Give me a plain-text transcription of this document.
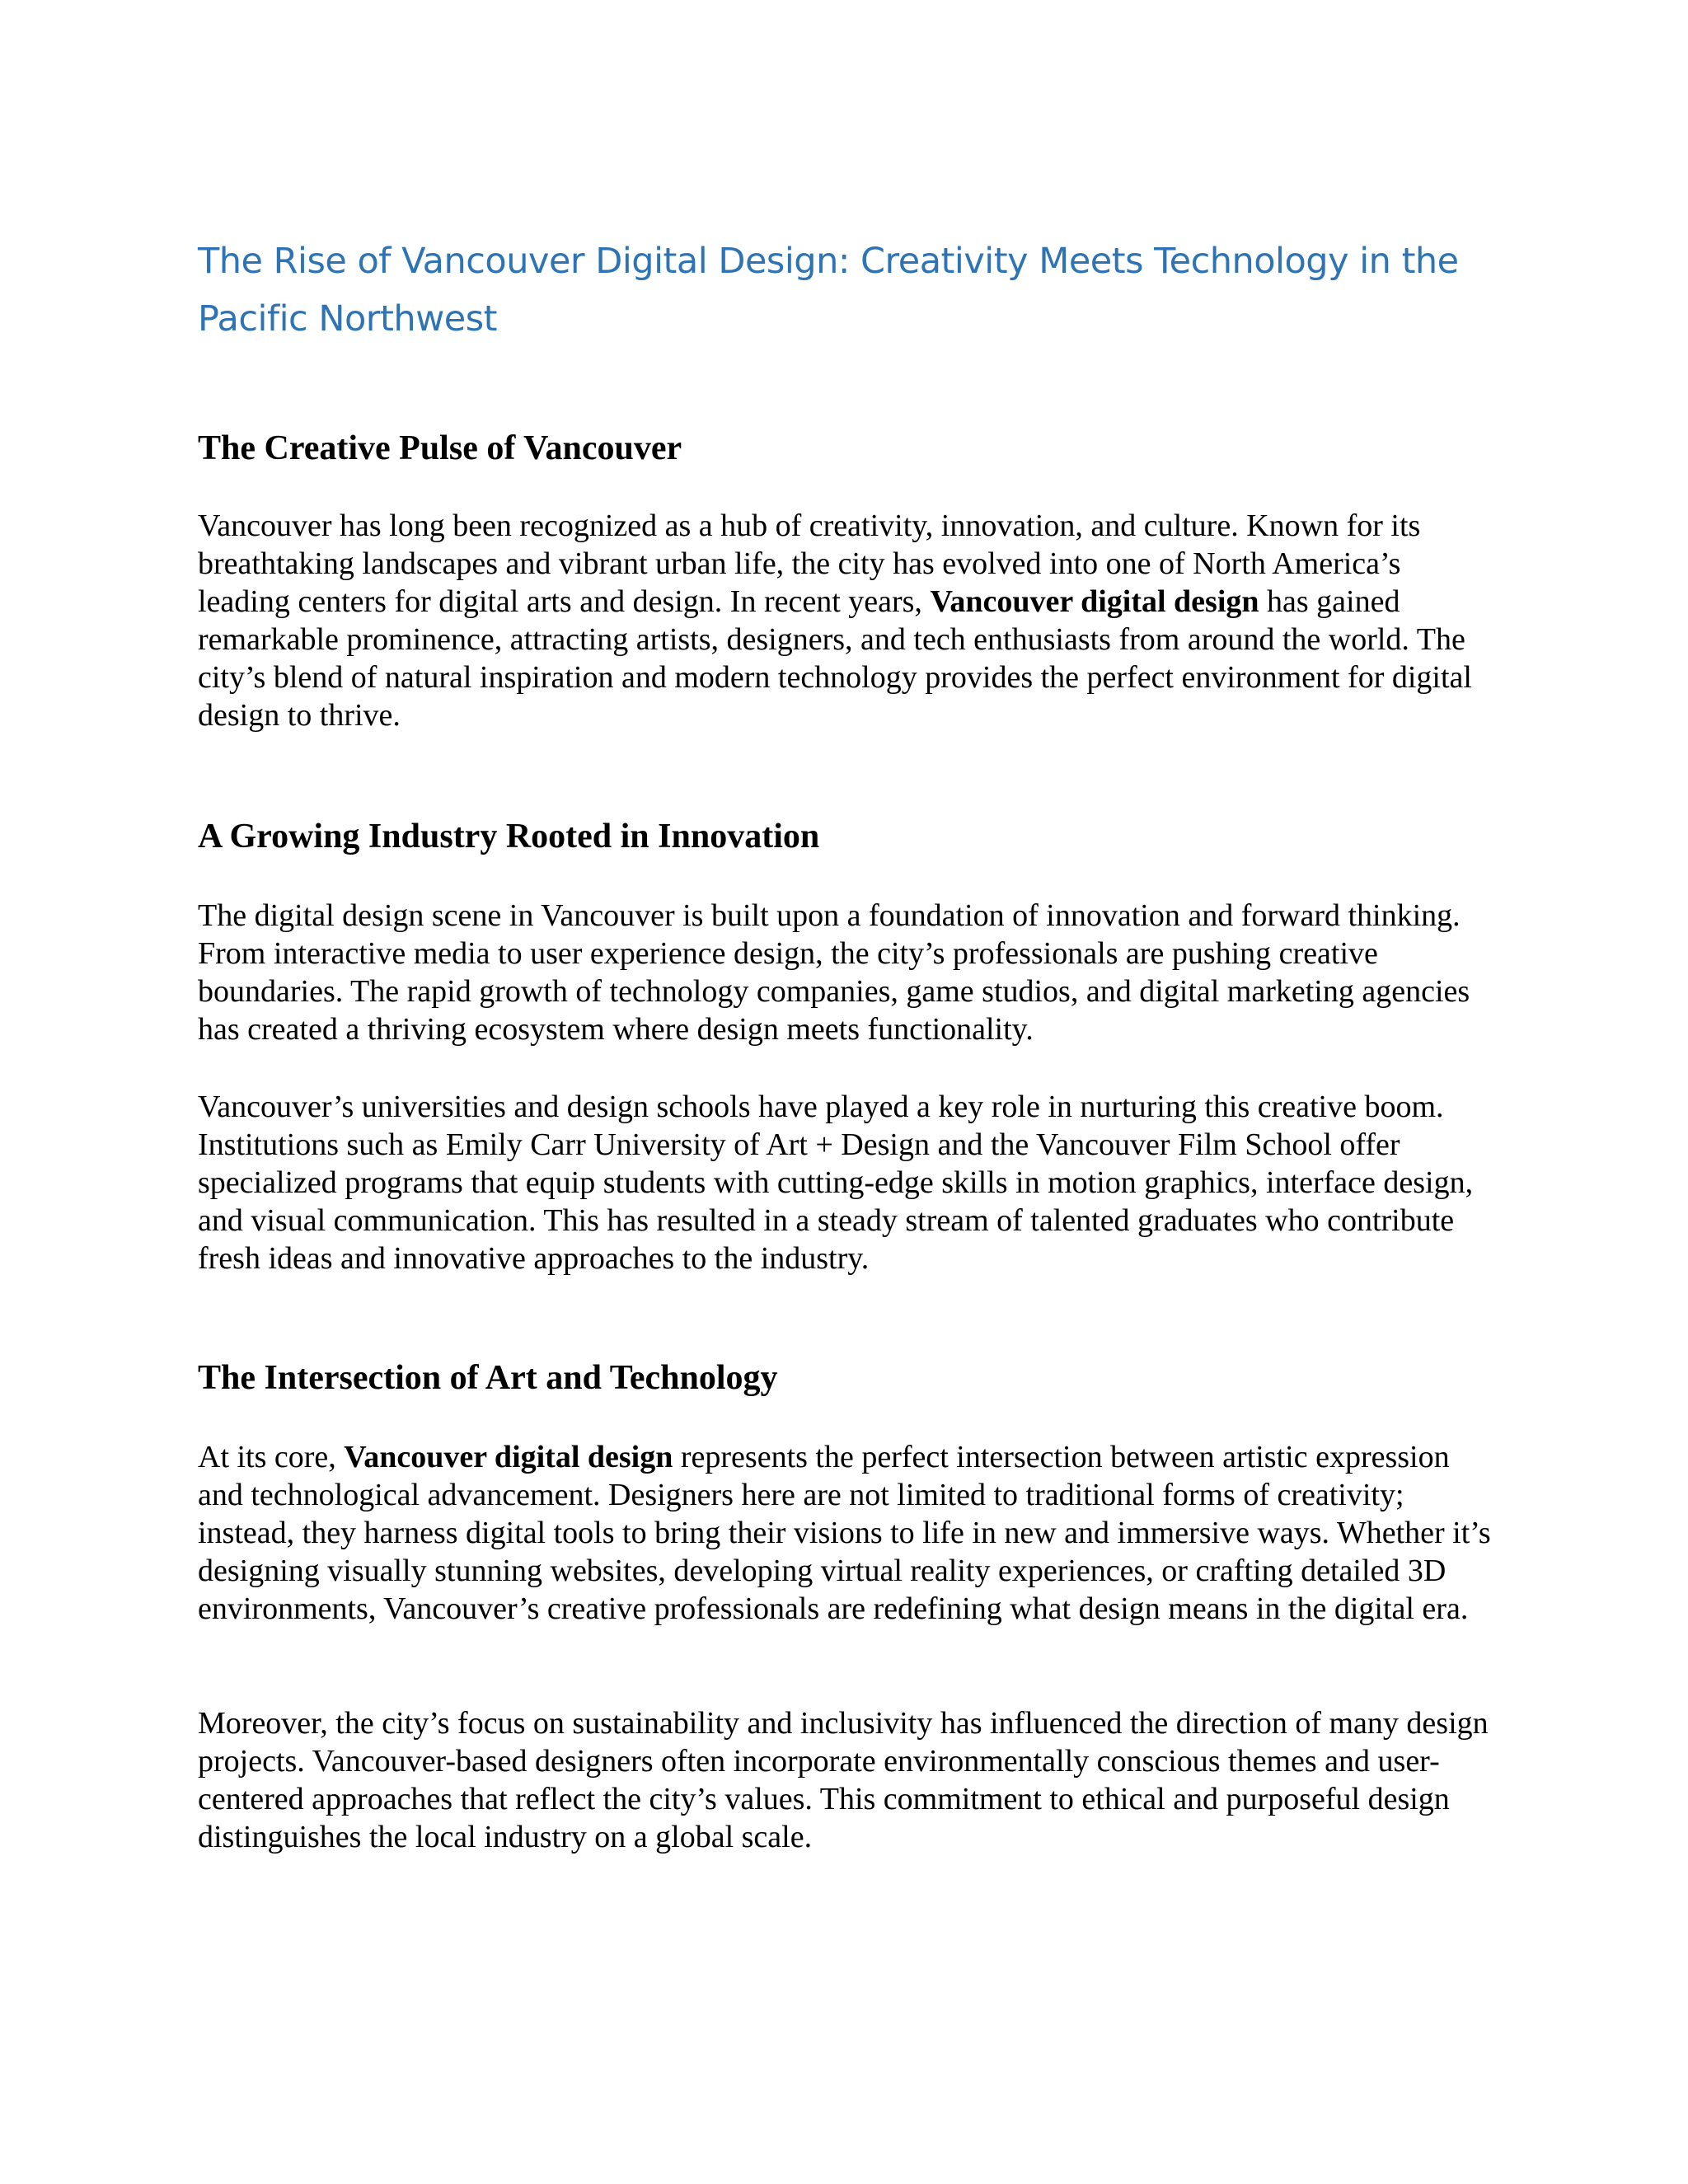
The Rise of Vancouver Digital Design: Creativity Meets Technology in the Pacific Northwest
The Creative Pulse of Vancouver

Vancouver has long been recognized as a hub of creativity, innovation, and culture. Known for its breathtaking landscapes and vibrant urban life, the city has evolved into one of North America’s leading centers for digital arts and design. In recent years, Vancouver digital design has gained remarkable prominence, attracting artists, designers, and tech enthusiasts from around the world. The city’s blend of natural inspiration and modern technology provides the perfect environment for digital design to thrive.

A Growing Industry Rooted in Innovation

The digital design scene in Vancouver is built upon a foundation of innovation and forward thinking. From interactive media to user experience design, the city’s professionals are pushing creative boundaries. The rapid growth of technology companies, game studios, and digital marketing agencies has created a thriving ecosystem where design meets functionality.

Vancouver’s universities and design schools have played a key role in nurturing this creative boom. Institutions such as Emily Carr University of Art + Design and the Vancouver Film School offer specialized programs that equip students with cutting-edge skills in motion graphics, interface design, and visual communication. This has resulted in a steady stream of talented graduates who contribute fresh ideas and innovative approaches to the industry.

The Intersection of Art and Technology

At its core, Vancouver digital design represents the perfect intersection between artistic expression and technological advancement. Designers here are not limited to traditional forms of creativity; instead, they harness digital tools to bring their visions to life in new and immersive ways. Whether it’s designing visually stunning websites, developing virtual reality experiences, or crafting detailed 3D environments, Vancouver’s creative professionals are redefining what design means in the digital era.

Moreover, the city’s focus on sustainability and inclusivity has influenced the direction of many design projects. Vancouver-based designers often incorporate environmentally conscious themes and user-centered approaches that reflect the city’s values. This commitment to ethical and purposeful design distinguishes the local industry on a global scale.
